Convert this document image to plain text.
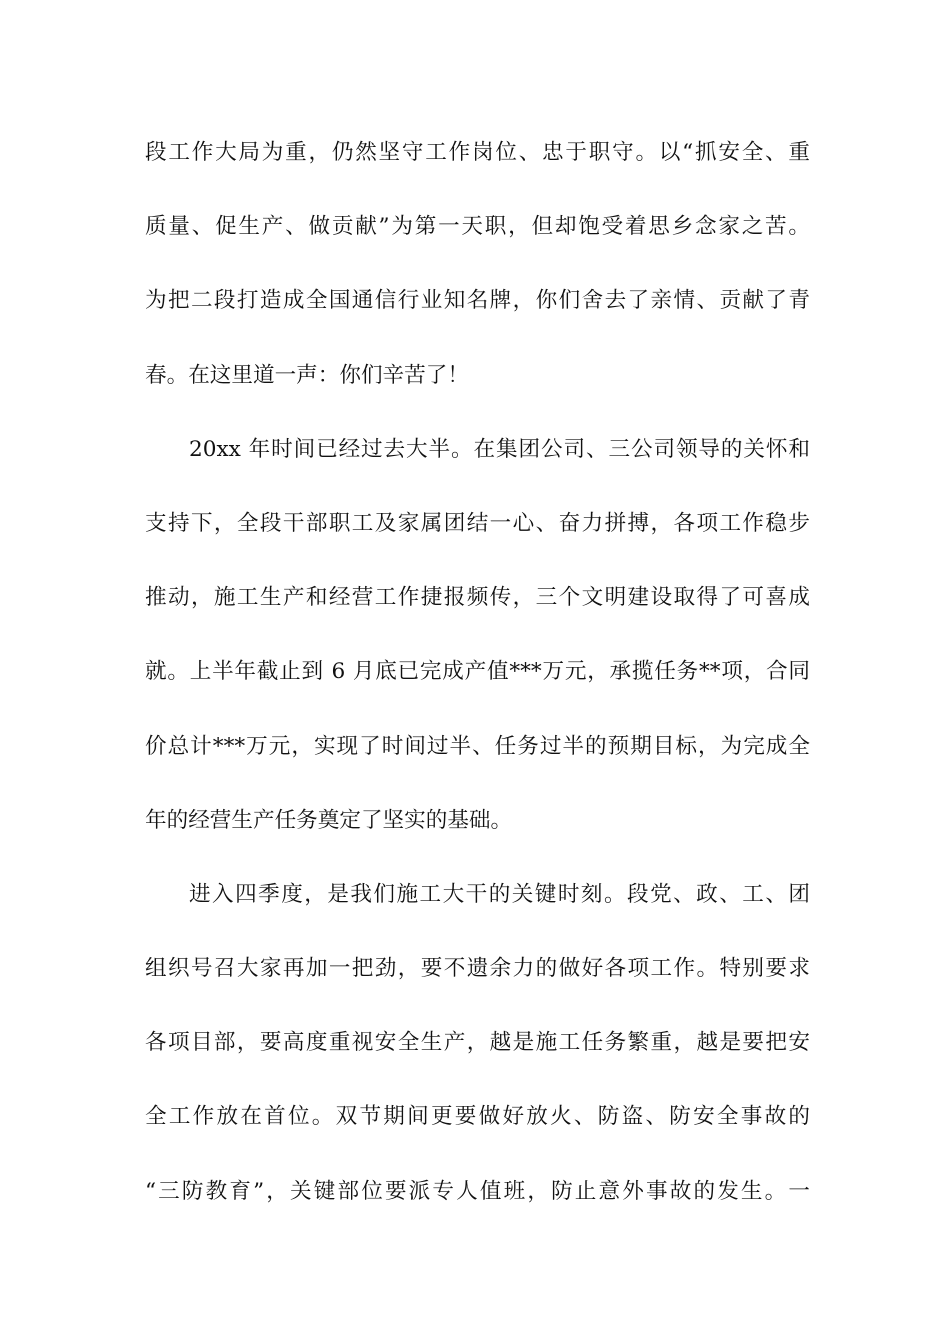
段工作大局为重，仍然坚守工作岗位、忠于职守。以“抓安全、重
质量、促生产、做贡献”为第一天职，但却饱受着思乡念家之苦。
为把二段打造成全国通信行业知名牌，你们舍去了亲情、贡献了青
春。在这里道一声：你们辛苦了！
20xx 年时间已经过去大半。在集团公司、三公司领导的关怀和
支持下，全段干部职工及家属团结一心、奋力拼搏，各项工作稳步
推动，施工生产和经营工作捷报频传，三个文明建设取得了可喜成
就。上半年截止到 6 月底已完成产值***万元，承揽任务**项，合同
价总计***万元，实现了时间过半、任务过半的预期目标，为完成全
年的经营生产任务奠定了坚实的基础。
进入四季度，是我们施工大干的关键时刻。段党、政、工、团
组织号召大家再加一把劲，要不遗余力的做好各项工作。特别要求
各项目部，要高度重视安全生产，越是施工任务繁重，越是要把安
全工作放在首位。双节期间更要做好放火、防盗、防安全事故的
“三防教育”，关键部位要派专人值班，防止意外事故的发生。一
